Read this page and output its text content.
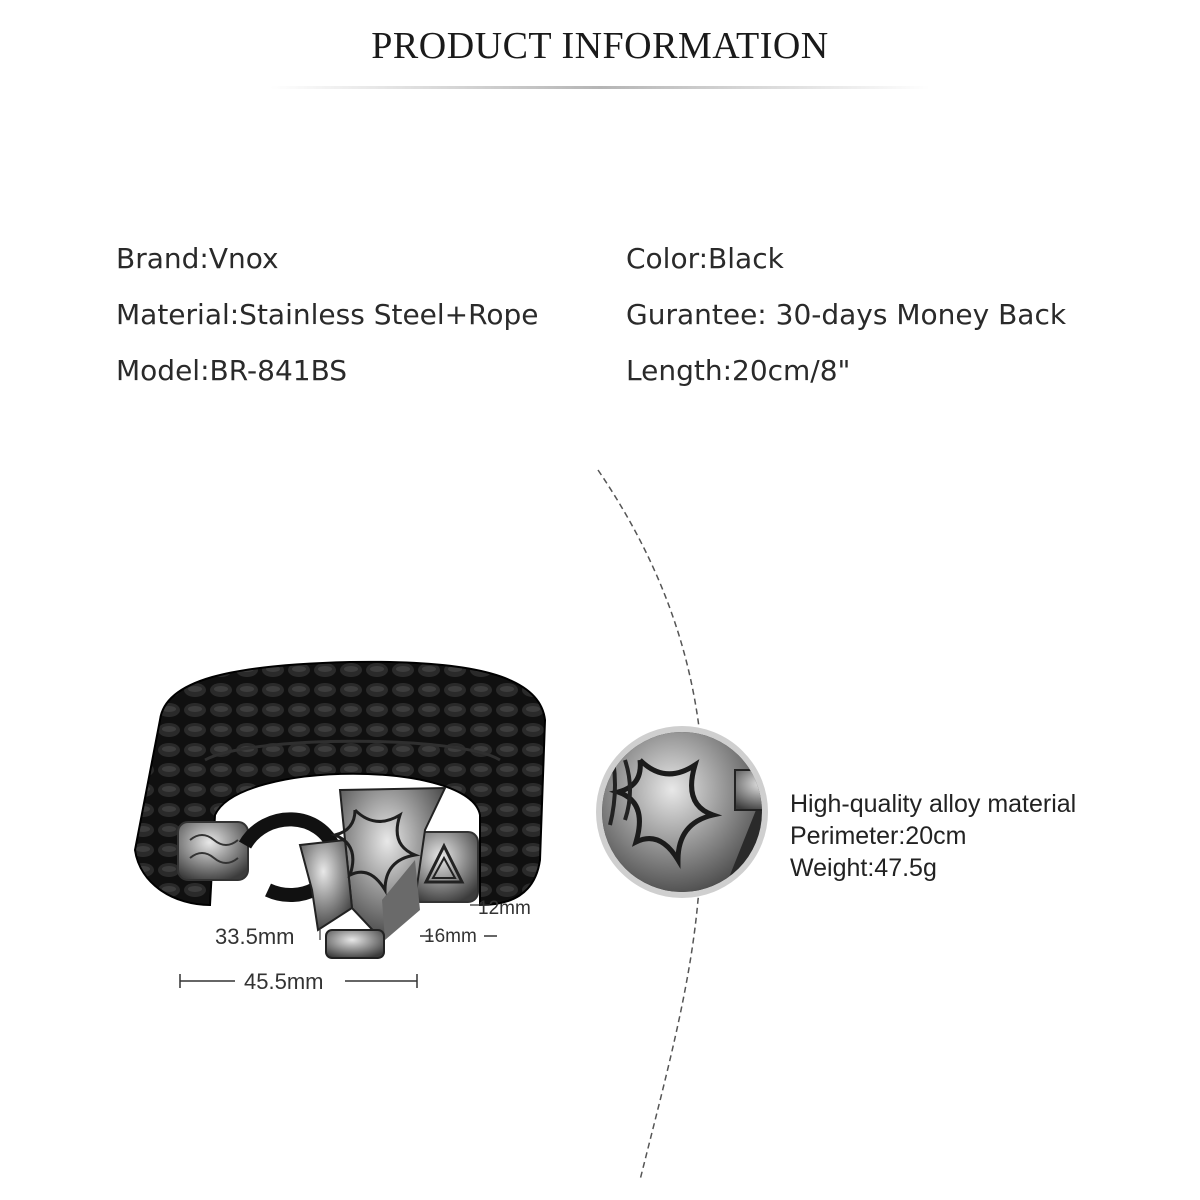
PRODUCT INFORMATION
Brand:Vnox
Material:Stainless Steel+Rope
Model:BR-841BS
Color:Black
Gurantee: 30-days Money Back
Length:20cm/8"
33.5mm
45.5mm
12mm
16mm
High-quality alloy material
Perimeter:20cm
Weight:47.5g
